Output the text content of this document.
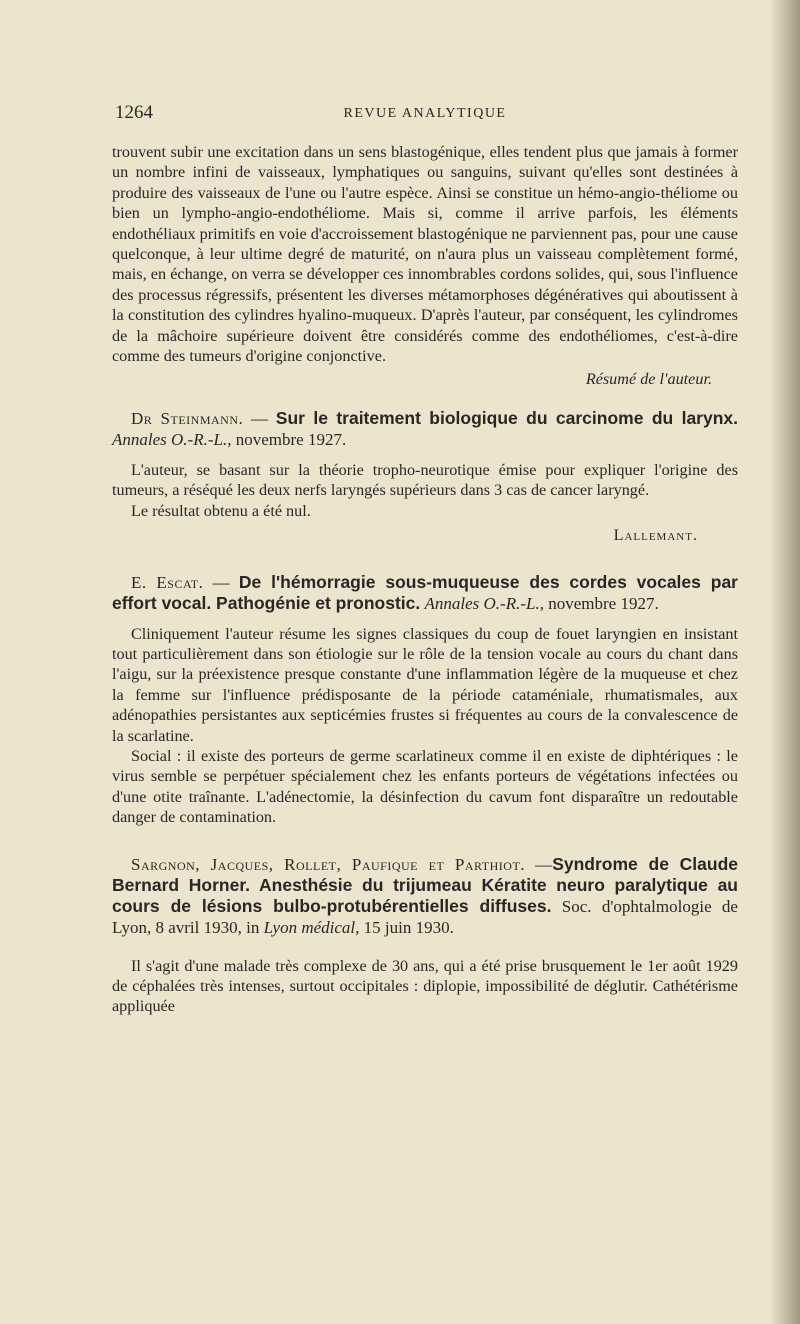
1264	REVUE ANALYTIQUE

trouvent subir une excitation dans un sens blastogénique, elles tendent plus que jamais à former un nombre infini de vaisseaux, lymphatiques ou sanguins, suivant qu'elles sont destinées à produire des vaisseaux de l'une ou l'autre espèce. Ainsi se constitue un hémo-angio-théliome ou bien un lympho-angio-endothéliome. Mais si, comme il arrive parfois, les éléments endothéliaux primitifs en voie d'accroissement blastogénique ne parviennent pas, pour une cause quelconque, à leur ultime degré de maturité, on n'aura plus un vaisseau complètement formé, mais, en échange, on verra se développer ces innombrables cordons solides, qui, sous l'influence des processus régressifs, présentent les diverses métamorphoses dégénératives qui aboutissent à la constitution des cylindres hyalino-muqueux. D'après l'auteur, par conséquent, les cylindromes de la mâchoire supérieure doivent être considérés comme des endothéliomes, c'est-à-dire comme des tumeurs d'origine conjonctive.

Résumé de l'auteur.

Dr Steinmann. — Sur le traitement biologique du carcinome du larynx. Annales O.-R.-L., novembre 1927.

L'auteur, se basant sur la théorie tropho-neurotique émise pour expliquer l'origine des tumeurs, a réséqué les deux nerfs laryngés supérieurs dans 3 cas de cancer laryngé.

Le résultat obtenu a été nul.

Lallemant.

E. Escat. — De l'hémorragie sous-muqueuse des cordes vocales par effort vocal. Pathogénie et pronostic. Annales O.-R.-L., novembre 1927.

Cliniquement l'auteur résume les signes classiques du coup de fouet laryngien en insistant tout particulièrement dans son étiologie sur le rôle de la tension vocale au cours du chant dans l'aigu, sur la préexistence presque constante d'une inflammation légère de la muqueuse et chez la femme sur l'influence prédisposante de la période cataméniale, rhumatismales, aux adénopathies persistantes aux septicémies frustes si fréquentes au cours de la convalescence de la scarlatine.

Social : il existe des porteurs de germe scarlatineux comme il en existe de diphtériques : le virus semble se perpétuer spécialement chez les enfants porteurs de végétations infectées ou d'une otite traînante. L'adénectomie, la désinfection du cavum font disparaître un redoutable danger de contamination.

Sargnon, Jacques, Rollet, Paufique et Parthiot. —Syndrome de Claude Bernard Horner. Anesthésie du trijumeau Kératite neuro paralytique au cours de lésions bulbo-protubérentielles diffuses. Soc. d'ophtalmologie de Lyon, 8 avril 1930, in Lyon médical, 15 juin 1930.

Il s'agit d'une malade très complexe de 30 ans, qui a été prise brusquement le 1er août 1929 de céphalées très intenses, surtout occipitales : diplopie, impossibilité de déglutir. Cathétérisme appliquée
